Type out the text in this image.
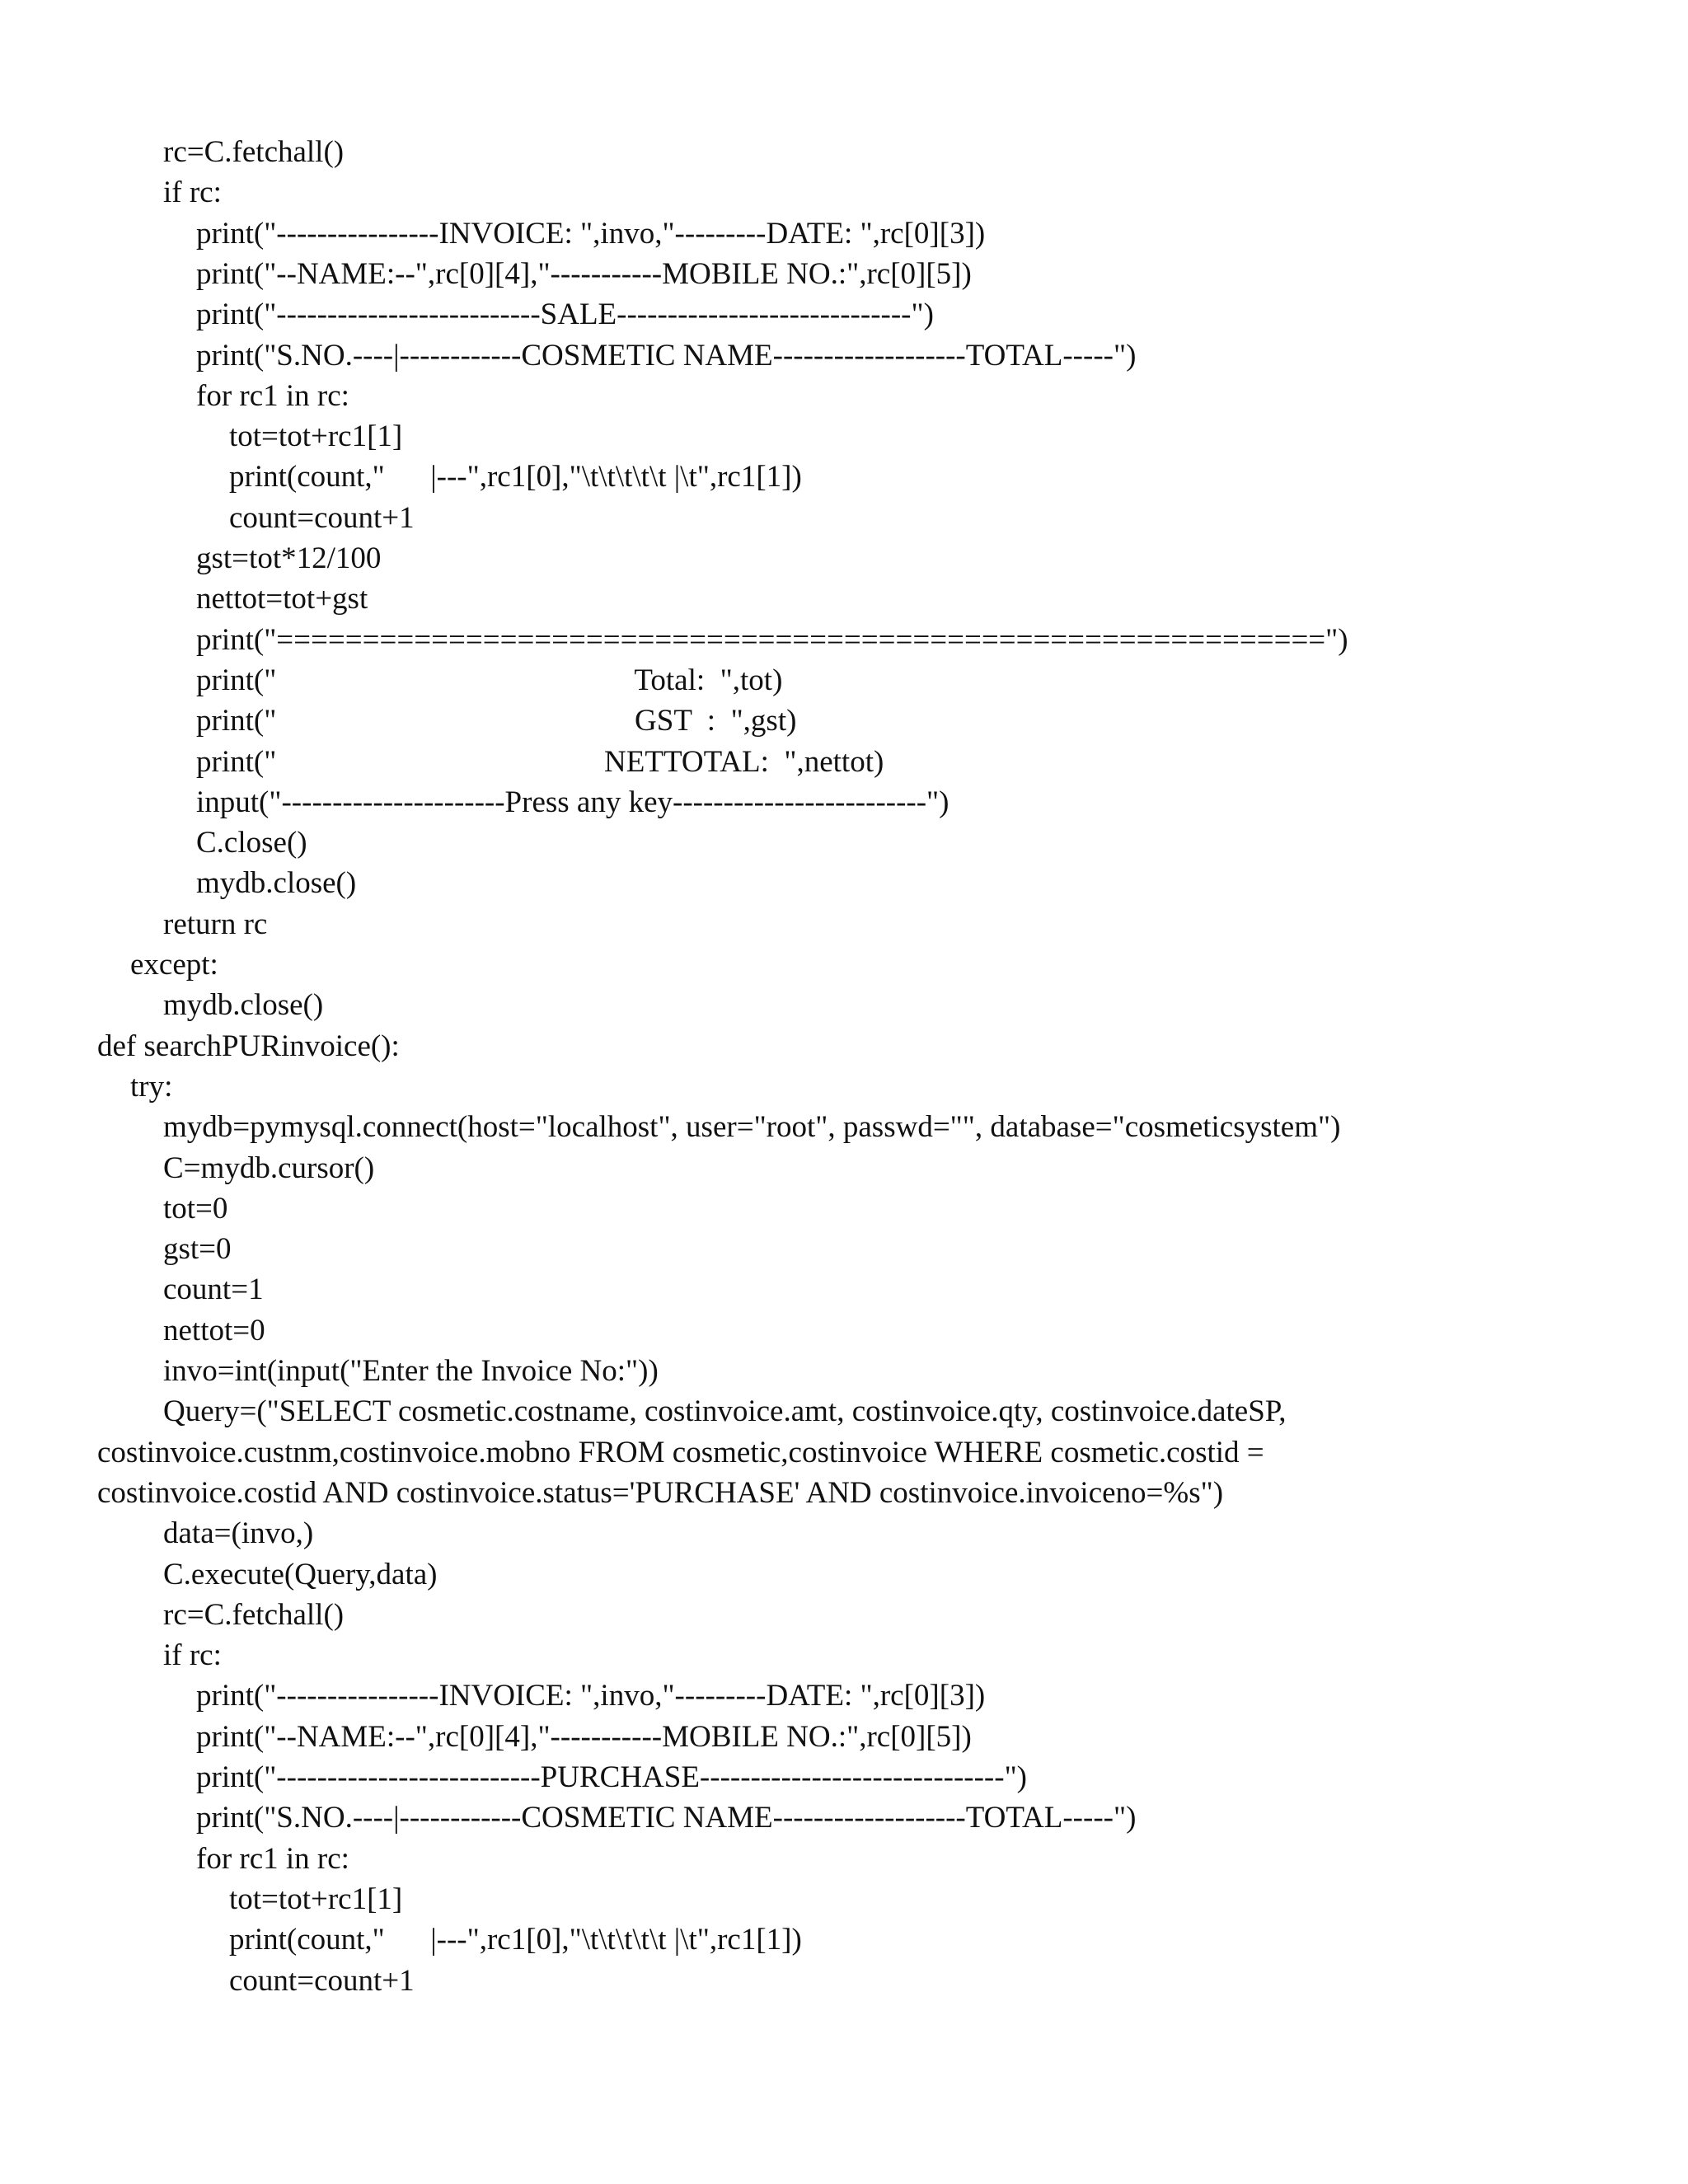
rc=C.fetchall()
if rc:
print("----------------INVOICE: ",invo,"---------DATE: ",rc[0][3])
print("--NAME:--",rc[0][4],"-----------MOBILE NO.:",rc[0][5])
print("--------------------------SALE-----------------------------")
print("S.NO.----|------------COSMETIC NAME-------------------TOTAL-----")
for rc1 in rc:
tot=tot+rc1[1]
print(count,"      |---",rc1[0],"\t\t\t\t\t |\t",rc1[1])
count=count+1
gst=tot*12/100
nettot=tot+gst
print("=============================================================")
print("                                               Total:  ",tot)
print("                                               GST  :  ",gst)
print("                                           NETTOTAL:  ",nettot)
input("----------------------Press any key-------------------------")
C.close()
mydb.close()
return rc
except:
mydb.close()
def searchPURinvoice():
try:
mydb=pymysql.connect(host="localhost", user="root", passwd="", database="cosmeticsystem")
C=mydb.cursor()
tot=0
gst=0
count=1
nettot=0
invo=int(input("Enter the Invoice No:"))
Query=("SELECT cosmetic.costname, costinvoice.amt, costinvoice.qty, costinvoice.dateSP,
costinvoice.custnm,costinvoice.mobno FROM cosmetic,costinvoice WHERE cosmetic.costid =
costinvoice.costid AND costinvoice.status='PURCHASE' AND costinvoice.invoiceno=%s")
data=(invo,)
C.execute(Query,data)
rc=C.fetchall()
if rc:
print("----------------INVOICE: ",invo,"---------DATE: ",rc[0][3])
print("--NAME:--",rc[0][4],"-----------MOBILE NO.:",rc[0][5])
print("--------------------------PURCHASE------------------------------")
print("S.NO.----|------------COSMETIC NAME-------------------TOTAL-----")
for rc1 in rc:
tot=tot+rc1[1]
print(count,"      |---",rc1[0],"\t\t\t\t\t |\t",rc1[1])
count=count+1
